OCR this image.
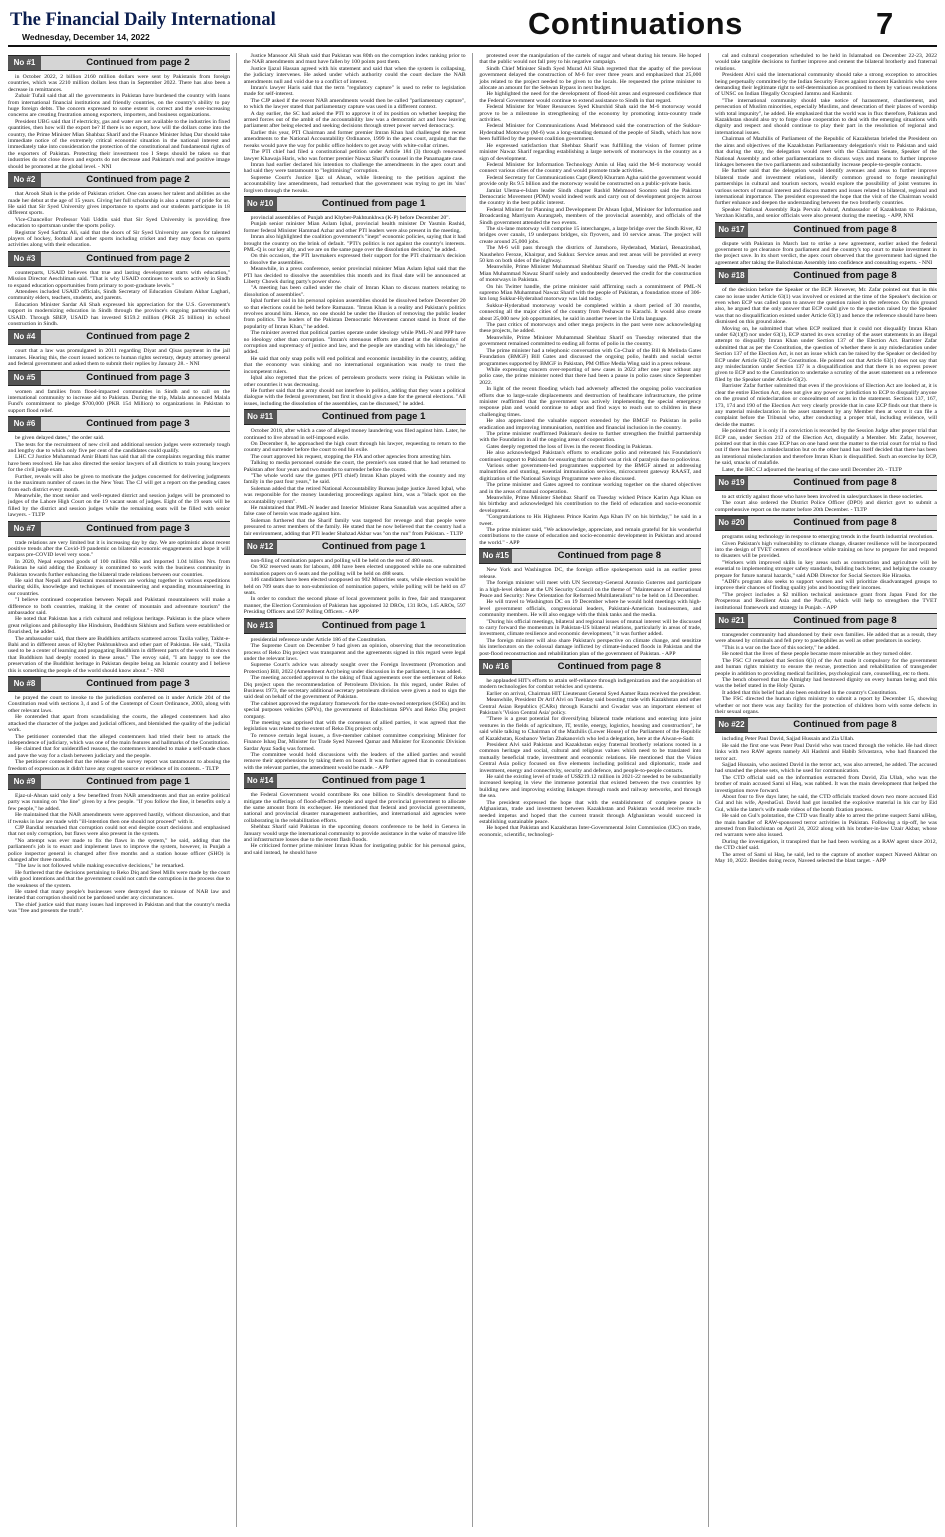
The Financial Daily International
Wednesday, December 14, 2022	Continuations	7
No #1	Continued from page 2

in October 2022, 2 billion 2160 million dollars were sent by Pakistanis from foreign countries, which was 2210 million dollars less than in September 2022. There has also been a decrease in remittances.

Zubair Tufail said that all the governments in Pakistan have burdened the country with loans from international financial institutions and friendly countries, on the country's ability to pay huge foreign debts. The concern expressed to some extent is correct and the over-increasing concerns are creating frustration among exporters, importers, and business organizations.

President UBG said that if electricity, gas and water are not available to the industries in fixed quantities, then how will the export be? If there is no export, how will the dollars come into the country, the Prime Minister Mian Shahbaz Sharif and the Finance Minister Ishaq Dar should take immediate notice of the extremely critical economic situation in the national interest and immediately take into consideration the protection of the constitutional and fundamental rights of the exporters of Pakistan. Protecting their investment too I Steps should be taken so that industries do not close down and exports do not decrease and Pakistan's real and positive image should be promoted at the global level. - NNI

No #2	Continued from page 2

that Arooh Shah is the pride of Pakistan cricket. One can assess her talent and abilities as she made her debut at the age of 15 years. Giving her full scholarship is also a matter of pride for us. He said that Sir Syed University gives importance to sports and our students participate in 18 different sports.

Vice-Chancellor Professor Vali Uddin said that Sir Syed University is providing free education to sportsman under the sports policy.

Registrar Syed Sarfraz Ali, said that the doors of Sir Syed University are open for talented players of hockey, football and other sports including cricket and they may focus on sports activities along with their education.

No #3	Continued from page 2

counterparts, USAID believes that true and lasting development starts with education," Mission Director Aeschliman said. "That is why USAID continues to work so actively in Sindh to expand education opportunities from primary to post-graduate levels."

Attendees included USAID officials, Sindh Secretary of Education Ghulam Akbar Laghari, community elders, teachers, students, and parents.

Education Minister Sardar Ali Shah expressed his appreciation for the U.S. Government's support in modernizing education in Sindh through the province's ongoing partnership with USAID. Through SBEP, USAID has invested $159.2 million (PKR 25 billion) in school construction in Sindh.

No #4	Continued from page 2

court that a law was promulgated in 2011 regarding Diyat and Qisas payment in the jail inmates. Hearing this, the court issued notices to human rights secretary, deputy attorney general and federal government and asked them to submit their replies by January 28. - NNI

No #5	Continued from page 3

women and families from flood-impacted communities in Sindh and to call on the international community to increase aid to Pakistan. During the trip, Malala announced Malala Fund's commitment to pledge $700,000 (PKR 154 Million) to organizations in Pakistan to support flood relief.

No #6	Continued from page 3

be given delayed dates," the order said.

The tests for the recruitment of new civil and additional session judges were extremely tough and lengthy due to which only five per cent of the candidates could qualify.

LHC CJ Justice Muhammad Amir Bhatti has said that all the complaints regarding this matter have been resolved. He has also directed the senior lawyers of all districts to train young lawyers for the civil judge exam.

Further, reveals will also be given to motivate the judges concerned for delivering judgments in the maximum number of cases in the New Year. The CJ will get a report on the pending cases from each district every month.

Meanwhile, the most senior and well-reputed district and session judges will be promoted to judges of the Lahore High Court on the 19 vacant seats of judges. Eight of the 19 seats will be filled by the district and session judges while the remaining seats will be filled with senior lawyers. - TLTP

No #7	Continued from page 3

trade relations are very limited but it is increasing day by day. We are optimistic about recent positive trends after the Covid-19 pandemic on bilateral economic engagements and hope it will surpass pre-COVID level very soon."

In 2020, Nepal exported goods of 100 million NRs and imported 1.04 billion Nrs. from Pakistan he said adding the Embassy is committed to work with the business community in Pakistan towards further enhancing the bilateral trade relations between our countries.

He said that Nepali and Pakistani mountaineers are working together in various expeditions sharing skills, knowledge and techniques of mountaineering and expanding mountaineering in our countries.

"I believe continued cooperation between Nepali and Pakistani mountaineers will make a difference to both countries, making it the center of mountain and adventure tourism" the ambassador said.

He noted that Pakistan has a rich cultural and religious heritage. Pakistan is the place where great religions and philosophy like Hinduism, Buddhism Sikhism and Sufism were established or flourished, he added.

The ambassador said, that there are Buddhists artifacts scattered across Taxila valley, Takht-e-Bahi and in different areas of Khyber Pakhtunkhwa and other part of Pakistan. He said, "Taxila used to be a center of learning and propagating Buddhism in different parts of the world. It shows that Buddhism had deeply rooted in these areas." The envoy said, "I am happy to see the preservation of the Buddhist heritage in Pakistan despite being an Islamic country and I believe this is something the people of the world should know about." - NNI

No #8	Continued from page 3

he prayed the court to invoke to the jurisdiction conferred on it under Article 204 of the Constitution read with sections 3, 4 and 5 of the Contempt of Court Ordinance, 2003, along with other relevant laws.

He contended that apart from scandalising the courts, the alleged contemners had also attacked the character of the judges and judicial officers, and blemished the quality of the judicial work.

The petitioner contended that the alleged contemners had tried their best to attack the independence of judiciary, which was one of the main features and hallmarks of the Constitution.

He claimed that for unidentified reasons, the contemners intended to make a self-made chaos and pave the way for a clash between judiciary and the people.

The petitioner contended that the release of the survey report was tantamount to abusing the freedom of expression as it didn't have any cogent source or evidence of its contents. - TLTP

No #9	Continued from page 1

Ejaz-ul-Ahsan said only a few benefited from NAB amendments and that an entire political party was running on "the line" given by a few people. "If you follow the line, it benefits only a few people," he added.

He maintained that the NAB amendments were approved hastily, without discussion, and that if tweaks in law are made with "ill-intention then one should not proceed" with it.

CJP Bandial remarked that corruption could not end despite court decisions and emphasised that not only corruption, but flaws were also present in the system.

"No attempt was ever made to fix the flaws in the system," he said, adding that the parliament's job is to enact and implement laws to improve the system, however, in Punjab a police inspector general is changed after five months and a station house officer (SHO) is changed after three months.

"The law is not followed while making executive decisions," he remarked.

He furthered that the decisions pertaining to Reko Diq and Steel Mills were made by the court with good intentions and that the government could not catch the corruption in the process due to the weakness of the system.

He stated that many people's businesses were destroyed due to misuse of NAB law and iterated that corruption should not be pardoned under any circumstances.

The chief justice said that many issues had improved in Pakistan and that the country's media was "free and presents the truth".

Justice Mansoor Ali Shah said that Pakistan was 80th on the corruption index ranking prior to the NAB amendments and must have fallen by 100 points post them.

Justice Ijazul Hassan agreed with his statement and said that when the system is collapsing, the judiciary intervenes. He asked under which authority could the court declare the NAB amendments null and void due to a conflict of interest.

Imran's lawyer Haris said that the term "regulatory capture" is used to refer to legislation made for self-interest.

The CJP asked if the recent NAB amendments would then be called "parliamentary capture", to which the lawyer stated that parliamentary capture was used in a different context.

A day earlier, the SC had asked the PTI to approve it of its position on whether keeping the armed forces out of the ambit of the accountability law was a democratic act and how leaving parliament after being elected and seeking decisions through street power served democracy.

Earlier this year, PTI Chairman and former premier Imran Khan had challenged the recent amendments to the National Accountability Ordinance, 1999 in the apex court, arguing that the tweaks would pave the way for public office holders to get away with white-collar crimes.

The PTI chief had filed a constitutional petition under Article 184 (3) through renowned lawyer Khawaja Haris, who was former premier Nawaz Sharif's counsel in the Panamagate case.

Imran had earlier declared his intention to challenge the amendments in the apex court and had said they were tantamount to "legitimising" corruption.

Supreme Court's Justice Ijaz ul Ahsan, while listening to the petition against the accountability law amendments, had remarked that the government was trying to get its 'sins' forgiven through the tweaks.

No #10	Continued from page 1

provincial assemblies of Punjab and Khyber-Pakhtunkhwa (K-P) before December 20".

Punjab senior minister Mian Aslam Iqbal, provincial health minister Dr Yasmin Rashid, former federal Minister Hammad Azhar and other PTI leaders were also present in the meeting.

Imran also highlighted the coalition government's "inept" economic policies, saying that it had brought the country on the brink of default. "PTI's politics is not against the country's interests. PML-Q is our key ally, and we are on the same page over the dissolution decision," he added.

On this occasion, the PTI lawmakers expressed their support for the PTI chairman's decision to dissolve the assemblies.

Meanwhile, in a press conference, senior provincial minister Mian Aslam Iqbal said that the PTI has decided to dissolve the assemblies this month and its final date will be announced at Liberty Chowk during party's power show.

"A meeting has been called under the chair of Imran Khan to discuss matters relating to dissolution of assemblies".

Iqbal further said in his personal opinion assemblies should be dissolved before December 20 so that elections could be held before Ramazan. "Imran Khan is a reality and Pakistan's politics revolves around him. Hence, no one should be under the illusion of removing the public leader from politics. The leaders of the Pakistan Democratic Movement cannot stand in front of the popularity of Imran Khan," he added.

The minister averred that political parties operate under ideology while PML-N and PPP have no ideology other than corruption. "Imran's strenuous efforts are aimed at the elimination of corruption and supremacy of justice and law, and the people are standing with his ideology," he added.

He said that only snap polls will end political and economic instability in the country, adding that the economy was sinking and no international organisation was ready to trust the incompetent rulers.

Iqbal also regretted that the prices of petroleum products were rising in Pakistan while in other countries it was decreasing.

He further said that the army should not interfere in politics, adding that they want a political dialogue with the federal government, but first it should give a date for the general elections. "All issues, including the dissolution of the assemblies, can be discussed," he added.

No #11	Continued from page 1

October 2018, after which a case of alleged money laundering was filed against him. Later, he continued to live abroad in self-imposed exile.

On December 8, he approached the high court through his lawyer, requesting to return to the country and surrender before the court to end his exile.

The court approved his request, stopping the FIA and other agencies from arresting him.

Talking to media personnel outside the court, the premier's son stated that he had returned to Pakistan after four years and two months to surrender before the courts.

"The whole world saw the games (PTI chief) Imran Khan played with the country and my family in the past four years," he said.

Suleman added that the retired National Accountability Bureau judge justice Javed Iqbal, who was responsible for the money laundering proceedings against him, was a "black spot on the accountability system".

He maintained that PML-N leader and Interior Minister Rana Sanaullah was acquitted after a false case of heroin was made against him.

Suleman furthered that the Sharif family was targeted for revenge and that people were pressured to arrest members of the family. He stated that he now believed that the country had a fair environment, adding that PTI leader Shahzad Akbar was "on the run" from Pakistan. - TLTP

No #12	Continued from page 1

non-filing of nomination papers and polling will be held on the rest of 480 seats.

On 902 reserved seats for labours, 408 have been elected unopposed while no one submitted nomination papers on 6 seats and the polling will be held on 488 seats.

146 candidates have been elected unopposed on 902 Minorities seats, while election would be held on 709 seats due to non-submission of nomination papers, while polling will be held on 47 seats.

In order to conduct the second phase of local government polls in free, fair and transparent manner, the Election Commission of Pakistan has appointed 32 DROs, 131 ROs, 145 AROs, 597 Presiding Officers and 597 Polling Officers. - APP

No #13	Continued from page 1

presidential reference under Article 186 of the Constitution.

The Supreme Court on December 9 had given an opinion, observing that the reconstitution process of Reko Diq project was transparent and the agreements signed in this regard were legal under the relevant laws.

Supreme Court's advice was already sought over the Foreign Investment (Promotion and Protection) Bill, 2022 (Amendment Act) being under discussion in the parliament, it was added.

The meeting accorded approval to the taking of final agreements over the settlement of Reko Diq project upon the recommendation of Petroleum Division. In this regard, under Rules of Business 1973, the secretary additional secretary petroleum division were given a nod to sign the said deal on behalf of the government of Pakistan.

The cabinet approved the regulatory framework for the state-owned enterprises (SOEs) and its special purposes vehicles (SPVs), the government of Balochistan SPVs and Reko Diq project company.

The meeting was apprised that with the consensus of allied parties, it was agreed that the legislation was related to the extent of Reko Diq project only.

To remove certain legal issues, a five-member cabinet committee comprising Minister for Finance Ishaq Dar, Minister for Trade Syed Naveed Qamar and Minister for Economic Division Sardar Ayaz Sadiq was formed.

The committee would hold discussions with the leaders of the allied parties and would remove their apprehensions by taking them on board. It was further agreed that in consultations with the relevant parties, the amendment would be made. - APP

No #14	Continued from page 1

the Federal Government would contribute Rs one billion to Sindh's development fund to mitigate the sufferings of flood-affected people and urged the provincial government to allocate the same amount from its exchequer. He mentioned that federal and provincial governments, national and provincial disaster management authorities, and international aid agencies were collaborating in the rehabilitation efforts.

Shehbaz Sharif said Pakistan in the upcoming donors conference to be held in Geneva in January would urge the international community to provide assistance in the wake of massive life and infrastructure losses due to the recent flash floods.

He criticized former prime minister Imran Khan for instigating public for his personal gains, and said instead, he should have

protested over the manipulation of the cartels of sugar and wheat during his tenure. He hoped that the public would not fall prey to his negative campaign.

Sindh Chief Minister Sindh Syed Murad Ali Shah regretted that the apathy of the previous government delayed the construction of M-6 for over three years and emphasized that 25,000 jobs related to the project needed to be given to the locals. He requested the prime minister to allocate an amount for the Sehwan Bypass in next budget.

He highlighted the need for the development of flood-hit areas and expressed confidence that the Federal Government would continue to extend assistance to Sindh in that regard.

Federal Minister for Water Resources Syed Khurshid Shah said the M-6 motorway would prove to be a milestone in strengthening of the economy by promoting intra-country trade activities.

Federal Minister for Communications Asad Mehmood said the construction of the Sukkur-Hyderabad Motorway (M-6) was a long-standing demand of the people of Sindh, which has now been fulfilled by the present coalition government.

He expressed satisfaction that Shehbaz Sharif was fulfilling the vision of former prime minister Nawaz Sharif regarding establishing a large network of motorways in the country as a sign of development.

Federal Minister for Information Technology Amin ul Haq said the M-6 motorway would connect various cities of the country and would promote trade activities.

Federal Secretary for Communications Capt (Retd) Khurram Agha said the government would provide only Rs 9.5 billion and the motorway would be constructed on a public-private basis.

Jamiat Ulema-e-Islam leader Sindh chapter Rashid Mehmood Soomro said the Pakistan Democratic Movement (PDM) would indeed work and carry out of development projects across the country in the best public interest.

Federal Minister for Planning and Development Dr Ahsan Iqbal, Minister for Information and Broadcasting Marriyum Aurangzeb, members of the provincial assembly, and officials of the Sindh government attended the two events.

The six-lane motorway will comprise 15 interchanges, a large bridge over the Sindh River, 82 bridges over canals, 19 underpass bridges, six flyovers, and 10 service areas. The project will create around 25,000 jobs.

The M-6 will pass through the districts of Jamshoro, Hyderabad, Matiari, Benazirabad, Naushehro Feroze, Khairpur, and Sukkur. Service areas and rest areas will be provided at every 50 km on both sides of the highway.

Meanwhile, Prime Minister Muhammad Shehbaz Sharif on Tuesday said the PML-N leader Mian Muhammad Nawaz Sharif solely and undoubtedly deserved the credit for the construction of motorways in Pakistan.

On his Twitter handle, the prime minister said affirming such a commitment of PML-N supremo Mian Muhammad Nawaz Sharif with the people of Pakistan, a foundation stone of 306-km long Sukkur-Hyderabad motorway was laid today.

Sukkur-Hyderabad motorway would be completed within a short period of 30 months, connecting all the major cities of the country from Peshawar to Karachi. It would also create about 25,000 new job opportunities, he said in another tweet in the Urdu language.

The past critics of motorways and other mega projects in the past were now acknowledging these projects, he added.

Meanwhile, Prime Minister Muhammad Shehbaz Sharif on Tuesday reiterated that the government remained committed to ending all forms of polio in the country.

The prime minister had a telephonic conversation with Co-Chair of the Bill & Melinda Gates Foundation (BMGF) Bill Gates and discussed the ongoing polio, health and social sector programmes supported by BMGF in Pakistan, PM Office Media Wing said in a press release.

While expressing concern over-reporting of new cases in 2022 after one year without any polio case, the prime minister noted that there had been a pause in polio cases since September 2022.

In light of the recent flooding which had adversely affected the ongoing polio vaccination efforts due to large-scale displacements and destruction of healthcare infrastructure, the prime minister reaffirmed that the government was actively implementing the special emergency response plan and would continue to adapt and find ways to reach out to children in these challenging times.

He also appreciated the valuable support extended by the BMGF to Pakistan in polio eradication and improving immunisation, nutrition and financial inclusion in the country.

The prime minister reaffirmed Pakistan's desire to further strengthen the fruitful partnership with the Foundation in all the ongoing areas of cooperation.

Gates deeply regretted the loss of lives in the recent flooding in Pakistan.

He also acknowledged Pakistan's efforts to eradicate polio and reiterated his Foundation's continued support to Pakistan for ensuring that no child was at risk of paralysis due to poliovirus.

Various other government-led programmes supported by the BMGF aimed at addressing malnutrition and stunting, essential immunisation services, microcurrent gateway RAAST, and digitization of the National Savings Programme were also discussed.

The prime minister and Gates agreed to continue working together on the shared objectives and in the areas of mutual cooperation.

Meanwhile, Prime Minister Shehbaz Sharif on Tuesday wished Prince Karim Aga Khan on his birthday and acknowledged his contribution to the field of education and socio-economic development.

"Congratulations to His Highness Prince Karim Aga Khan IV on his birthday," he said in a tweet.

The prime minister said, "We acknowledge, appreciate, and remain grateful for his wonderful contributions to the cause of education and socio-economic development in Pakistan and around the world." - APP

No #15	Continued from page 8

New York and Washington DC, the foreign office spokesperson said in an earlier press release.

The foreign minister will meet with UN Secretary-General Antonio Guterres and participate in a high-level debate at the UN Security Council on the theme of "Maintenance of International Peace and Security: New Orientation for Reformed Multilateralism" to be held on 14 December.

He will travel to Washington DC on 19 December where he would hold meetings with high-level government officials, congressional leaders, Pakistani-American businessmen, and community members. He will also engage with the think tanks and the media.

"During his official meetings, bilateral and regional issues of mutual interest will be discussed to carry forward the momentum in Pakistan-US bilateral relations, particularly in areas of trade, investment, climate resilience and economic development," it was further added.

The foreign minister will also share Pakistan's perspective on climate change, and sensitize his interlocutors on the colossal damage inflicted by climate-induced floods in Pakistan and the post-flood reconstruction and rehabilitation plan of the government of Pakistan. - APP

No #16	Continued from page 8

he applauded HIT's efforts to attain self-reliance through indigenization and the acquisition of modern technologies for combat vehicles and systems.

Earlier on arrival, Chairman HIT Lieutenant General Syed Aamer Raza received the president.

Meanwhile, President Dr Arif Alvi on Tuesday said boosting trade with Kazakhstan and other Central Asian Republics (CARs) through Karachi and Gwadar was an important element of Pakistan's 'Vision Central Asia' policy.

"There is a great potential for diversifying bilateral trade relations and entering into joint ventures in the fields of agriculture, IT, textile, energy, logistics, housing and construction", he said while talking to Chairman of the Mazhilis (Lower House) of the Parliament of the Republic of Kazakhstan, Koshanov Yerlan Zhakanovich who led a delegation, here at the Aiwan-e-Sadr.

President Alvi said Pakistan and Kazakhstan enjoy fraternal brotherly relations rooted in a common heritage and social, cultural and religious values which need to be translated into mutually beneficial trade, investment and economic relations. He mentioned that the Vision Central Asia policy focused on five elements including political and diplomatic, trade and investment, energy and connectivity, security and defence, and people-to-people contacts.

He said the existing level of trade of US$219.12 million in 2021-22 needed to be substantially increased keeping in view the immense potential that existed between the two countries by building new and improving existing linkages through roads and railway networks, and through the sea.

The president expressed the hope that with the establishment of complete peace in Afghanistan, trade and investment between Kazakhstan and Pakistan would receive much-needed impetus and hoped that the current transit through Afghanistan would succeed in establishing sustainable peace.

He hoped that Pakistan and Kazakhstan Inter-Governmental Joint Commission (IJC) on trade, economic, scientific, technologi-

cal and cultural cooperation scheduled to be held in Islamabad on December 22-23, 2022 would take tangible decisions to further improve and cement the bilateral brotherly and fraternal relations.

President Alvi said the international community should take a strong exception to atrocities being perpetually committed by the Indian Security Forces against innocent Kashmiris who were demanding their legitimate right to self-determination as promised to them by various resolutions of UNSC on Indian Illegally Occupied Jammu and Kashmir.

"The international community should take notice of harassment, chastisement, and persecution of Muslim minorities, especially Muslims, and desecration of their places of worship with total impunity", he added. He emphasized that the world was in flux therefore, Pakistan and Kazakhstan should also try to forge close cooperation to deal with the emerging situations with dignity and respect and should continue to play their part in the resolution of regional and international issues.

Chairman of Mazhilis of Parliament of the Republic of Kazakhstan briefed the President on the aims and objectives of the Kazakhstan Parliamentary delegation's visit to Pakistan and said that during the stay, the delegation would meet with the Chairman Senate, Speaker of the National Assembly and other parliamentarians to discuss ways and means to further improve linkages between the two parliaments and substantially increase people-to-people contacts.

He further said that the delegation would identify avenues and areas to further improve bilateral trade and investment relations, identify common ground to forge meaningful partnerships in cultural and tourism sectors, would explore the possibility of joint ventures in various sectors of mutual interest and discuss matters and issues related to bilateral, regional and international importance. The president expressed the hope that the visit of the Chairman would further enhance and deepen the understanding between the two brotherly countries.

Speaker National Assembly Raja Pervaiz Ashraf, Ambassador of Kazakhstan to Pakistan, Yerzhan Kistafin, and senior officials were also present during the meeting. - APP, NNI

No #17	Continued from page 8

dispute with Pakistan in March last to strike a new agreement, earlier asked the federal government to get clearance from parliament and the country's top court to make investment in the project save. In its short verdict, the apex court observed that the government had signed the agreement after taking the Balochistan Assembly into confidence and consulting experts. - NNI

No #18	Continued from page 8

of the decision before the Speaker or the ECP. However, Mr. Zafar pointed out that in this case no issue under Article 63(1) was involved or existed at the time of the Speaker's decision or even when ECP was called upon to answer the question raised in the reference. On this ground also, he argued that the only answer that ECP could give to the question raised by the Speaker was that no disqualification existed under Article 63(1) and hence the reference should have been dismissed on this ground alone.

Moving on, he submitted that when ECP realized that it could not disqualify Imran Khan under 62(1)(f) nor under 63(1), ECP started its own scrutiny of the asset statements in an illegal attempt to disqualify Imran Khan under Section 137 of the Election Act. Barrister Zafar submitted that as per the Constitution, the question of whether there is any misdeclaration under Section 137 of the Election Act, is not an issue which can be raised by the Speaker or decided by ECP under Article 63(2) of the Constitution. He pointed out that Article 63(1) does not say that any misdeclaration under Section 137 is a disqualification and that there is no express power given to ECP and to the Constitution to undertake a scrutiny of the asset statement on a reference filed by the Speaker under Article 63(2).

Barrister Zafar further submitted that even if the provisions of Election Act are looked at, it is clear the entire Election Act, does not give any power or jurisdiction to ECP to disqualify anyone on the ground of misdeclaration or concealment of assets in the statement. Sections 137, 167, 173, 174 and 190 of the Election Act very clearly provide that in case ECP finds out that there is any material misdeclaration in the asset statement by any Member then at worst it can file a complaint before the Tribunal who, after conducting a proper trial, including evidence, will decide the matter.

He pointed that it is only if a conviction is recorded by the Session Judge after proper trial that ECP can, under Section 212 of the Election Act, disqualify a Member. Mr. Zafar, however, pointed out that in this case ECP has on one hand sent the matter to the trial court for trial to find out if there has been a misdeclaration but on the other hand has itself decided that there has been an intentional misdeclaration and therefore Imran Khan is disqualified. Such an exercise by ECP, he said, smacks of malafide.

Later, the IHC CJ adjourned the hearing of the case until December 20. - TLTP

No #19	Continued from page 8

to act strictly against those who have been involved in sales/purchases in these societies.

The court also ordered the District Police Officer (DPO) and district govt to submit a comprehensive report on the matter before 20th December. - TLTP

No #20	Continued from page 8

programs using technology in response to emerging trends in the fourth industrial revolution.

Given Pakistan's high vulnerability to climate change, disaster resilience will be incorporated into the design of TVET centers of excellence while training on how to prepare for and respond to disasters will be provided.

"Workers with improved skills in key areas such as construction and agriculture will be essential to implementing stronger safety standards, building back better, and helping the country prepare for future natural hazards," said ADB Director for Social Sectors Rie Hiraoka.

"ADB's program also seeks to support women and will prioritize disadvantaged groups to improve their chances of finding quality jobs and boosting their incomes.

"The project includes a $2 million technical assistance grant from Japan Fund for the Prosperous and Resilient Asia and the Pacific, which will help to strengthen the TVET institutional framework and strategy in Punjab. - APP

No #21	Continued from page 8

transgender community had abandoned by their own families. He added that as a result, they were abused by criminals and fell prey to paedophiles as well as other predators in society.

"This is a war on the face of this society," he added.

He noted that the lives of these people became more miserable as they turned older.

The FSC CJ remarked that Section 6(ii) of the Act made it compulsory for the government and human rights ministry to ensure the rescue, protection and rehabilitation of transgender people in addition to providing medical facilities, psychological care, counselling, etc to them.

The bench observed that the Almighty had bestowed dignity on every human being and this was the belief stated in the Holy Quran.

It added that this belief had also been enshrined in the country's Constitution.

The FSC directed the human rights ministry to submit a report by December 15, showing whether or not there was any facility for the protection of children born with some defects in their sexual organs.

No #22	Continued from page 8

including Peter Paul David, Sajjad Hussain and Zia Ullah.

He said the first one was Peter Paul David who was traced through the vehicle. He had direct links with two RAW agents namely Ali Hashmi and Habib Srivastava, who had financed the terror act.

Sajjad Hussain, who assisted David in the terror act, was also arrested, he added. The accused had smashed the phone sets, which he used for communication.

The CTD official said on the information extracted from David, Zia Ullah, who was the brother of main accused Sami ul Haq, was nabbed. It was the main development that helped the investigation move forward.

About four to five days later, he said, the CTD officials tracked down two more accused Eid Gul and his wife, AyeshaGul. David had got installed the explosive material in his car by Eid Gul, while the latter's wife made videos of the bomb fixation process.

He said on Gul's pointation, the CTD was finally able to arrest the prime suspect Sami ulHaq, the main handler of RAW-sponsored terror activities in Pakistan. Following a tip-off, he was arrested from Balochistan on April 24, 2022 along with his brother-in-law Uzair Akbar, whose red warrants were also issued.

During the investigation, it transpired that he had been working as a RAW agent since 2012, the CTD chief said.

The arrest of Sami ul Haq, he said, led to the capture of another suspect Naveed Akhtar on May 10, 2022. Besides doing recce, Naveed selected the blast target. - APP
